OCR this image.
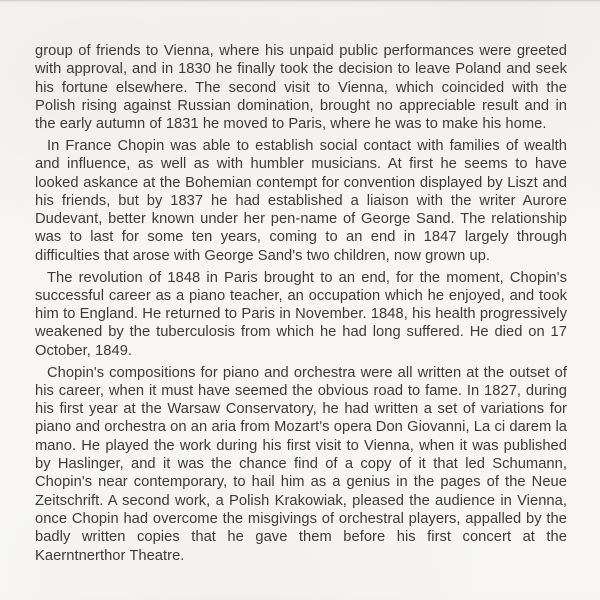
group of friends to Vienna, where his unpaid public performances were greeted with approval, and in 1830 he finally took the decision to leave Poland and seek his fortune elsewhere. The second visit to Vienna, which coincided with the Polish rising against Russian domination, brought no appreciable result and in the early autumn of 1831 he moved to Paris, where he was to make his home.

In France Chopin was able to establish social contact with families of wealth and influence, as well as with humbler musicians. At first he seems to have looked askance at the Bohemian contempt for convention displayed by Liszt and his friends, but by 1837 he had established a liaison with the writer Aurore Dudevant, better known under her pen-name of George Sand. The relationship was to last for some ten years, coming to an end in 1847 largely through difficulties that arose with George Sand's two children, now grown up.

The revolution of 1848 in Paris brought to an end, for the moment, Chopin's successful career as a piano teacher, an occupation which he enjoyed, and took him to England. He returned to Paris in November. 1848, his health progressively weakened by the tuberculosis from which he had long suffered. He died on 17 October, 1849.

Chopin's compositions for piano and orchestra were all written at the outset of his career, when it must have seemed the obvious road to fame. In 1827, during his first year at the Warsaw Conservatory, he had written a set of variations for piano and orchestra on an aria from Mozart's opera Don Giovanni, La ci darem la mano. He played the work during his first visit to Vienna, when it was published by Haslinger, and it was the chance find of a copy of it that led Schumann, Chopin's near contemporary, to hail him as a genius in the pages of the Neue Zeitschrift. A second work, a Polish Krakowiak, pleased the audience in Vienna, once Chopin had overcome the misgivings of orchestral players, appalled by the badly written copies that he gave them before his first concert at the Kaerntnerthor Theatre.
